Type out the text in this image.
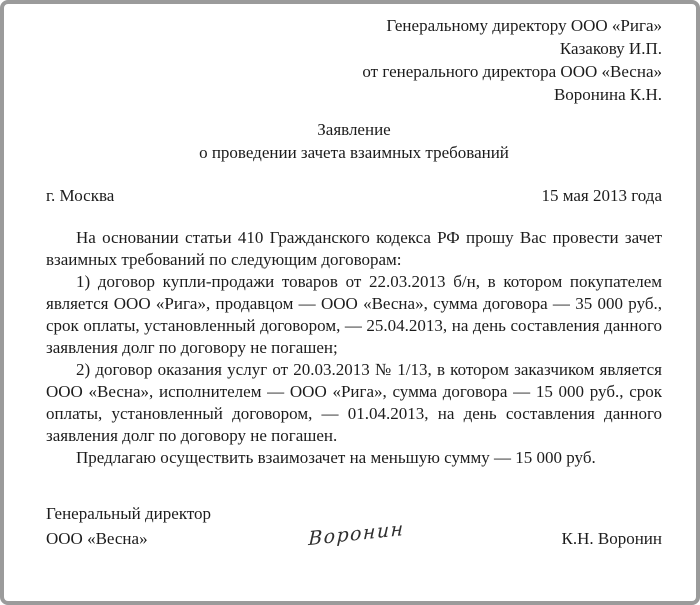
Генеральному директору ООО «Рига»
Казакову И.П.
от генерального директора ООО «Весна»
Воронина К.Н.
Заявление
о проведении зачета взаимных требований
г. Москва	15 мая 2013 года

На основании статьи 410 Гражданского кодекса РФ прошу Вас провести зачет взаимных требований по следующим договорам:

1) договор купли-продажи товаров от 22.03.2013 б/н, в котором покупателем является ООО «Рига», продавцом — ООО «Весна», сумма договора — 35 000 руб., срок оплаты, установленный договором, — 25.04.2013, на день составления данного заявления долг по договору не погашен;

2) договор оказания услуг от 20.03.2013 № 1/13, в котором заказчиком является ООО «Весна», исполнителем — ООО «Рига», сумма договора — 15 000 руб., срок оплаты, установленный договором, — 01.04.2013, на день составления данного заявления долг по договору не погашен.

Предлагаю осуществить взаимозачет на меньшую сумму — 15 000 руб.

Генеральный директор
ООО «Весна»	Воронин	К.Н. Воронин
